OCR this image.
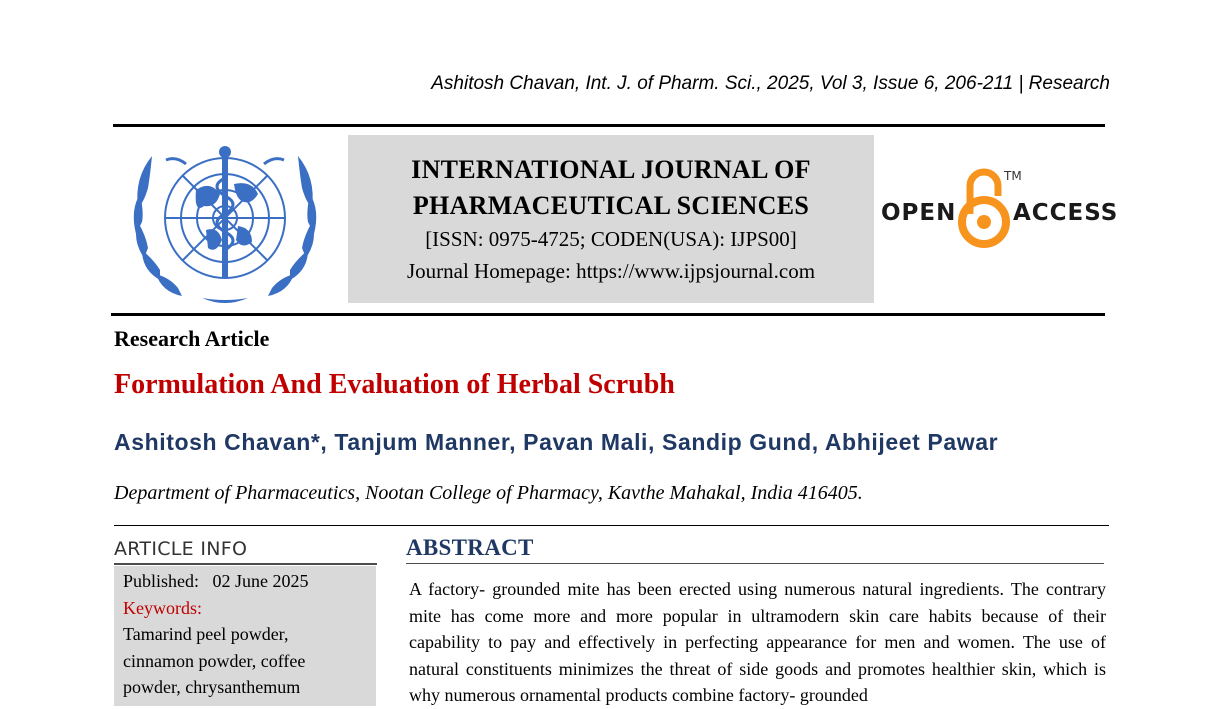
Ashitosh Chavan, Int. J. of Pharm. Sci., 2025, Vol 3, Issue 6, 206-211 | Research
INTERNATIONAL JOURNAL OF
PHARMACEUTICAL SCIENCES
[ISSN: 0975-4725; CODEN(USA): IJPS00]
Journal Homepage: https://www.ijpsjournal.com
OPEN
TM
ACCESS
Research Article
Formulation And Evaluation of Herbal Scrubh
Ashitosh Chavan*, Tanjum Manner, Pavan Mali, Sandip Gund, Abhijeet Pawar
Department of Pharmaceutics, Nootan College of Pharmacy, Kavthe Mahakal, India 416405.
ARTICLE INFO
Published: 02 June 2025
Keywords:
Tamarind peel powder, cinnamon powder, coffee powder, chrysanthemum
ABSTRACT
A factory- grounded mite has been erected using numerous natural ingredients. The contrary mite has come more and more popular in ultramodern skin care habits because of their capability to pay and effectively in perfecting appearance for men and women. The use of natural constituents minimizes the threat of side goods and promotes healthier skin, which is why numerous ornamental products combine factory- grounded
